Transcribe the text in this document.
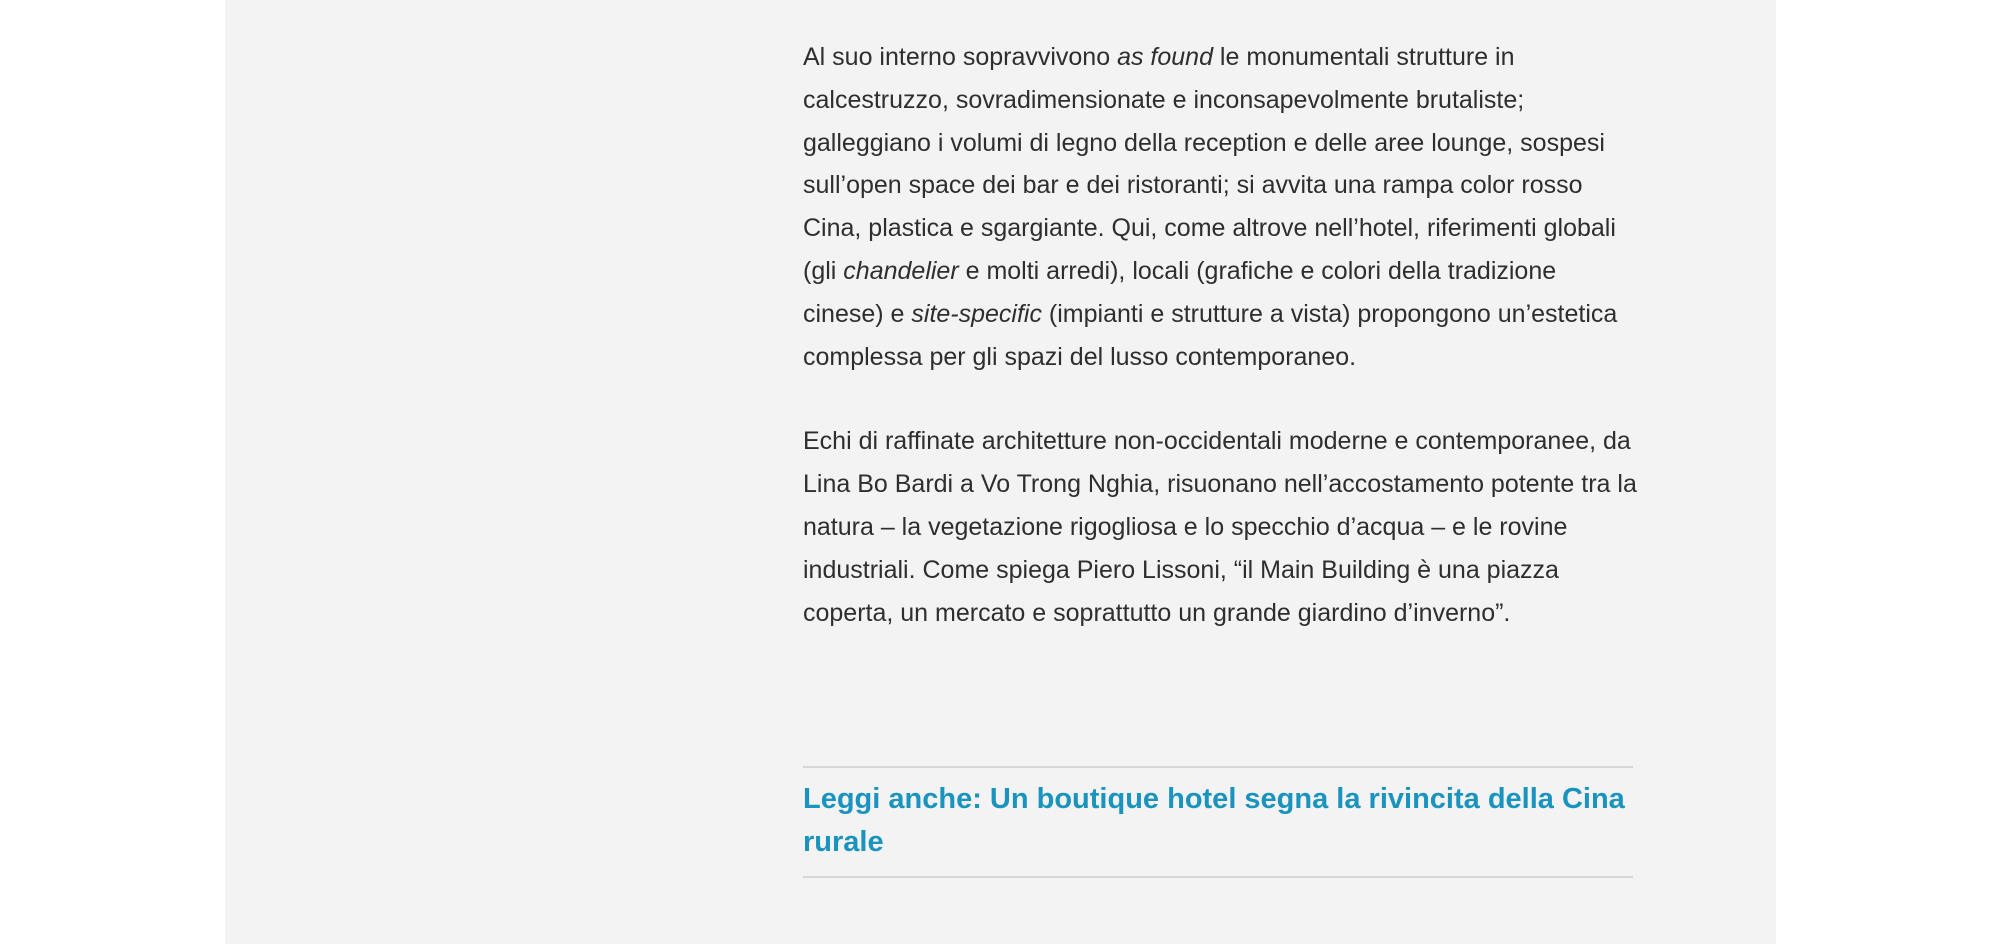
Al suo interno sopravvivono as found le monumentali strutture in calcestruzzo, sovradimensionate e inconsapevolmente brutaliste; galleggiano i volumi di legno della reception e delle aree lounge, sospesi sull’open space dei bar e dei ristoranti; si avvita una rampa color rosso Cina, plastica e sgargiante. Qui, come altrove nell’hotel, riferimenti globali (gli chandelier e molti arredi), locali (grafiche e colori della tradizione cinese) e site-specific (impianti e strutture a vista) propongono un’estetica complessa per gli spazi del lusso contemporaneo.

Echi di raffinate architetture non-occidentali moderne e contemporanee, da Lina Bo Bardi a Vo Trong Nghia, risuonano nell’accostamento potente tra la natura – la vegetazione rigogliosa e lo specchio d’acqua – e le rovine industriali. Come spiega Piero Lissoni, “il Main Building è una piazza coperta, un mercato e soprattutto un grande giardino d’inverno”.

Leggi anche: Un boutique hotel segna la rivincita della Cina rurale
